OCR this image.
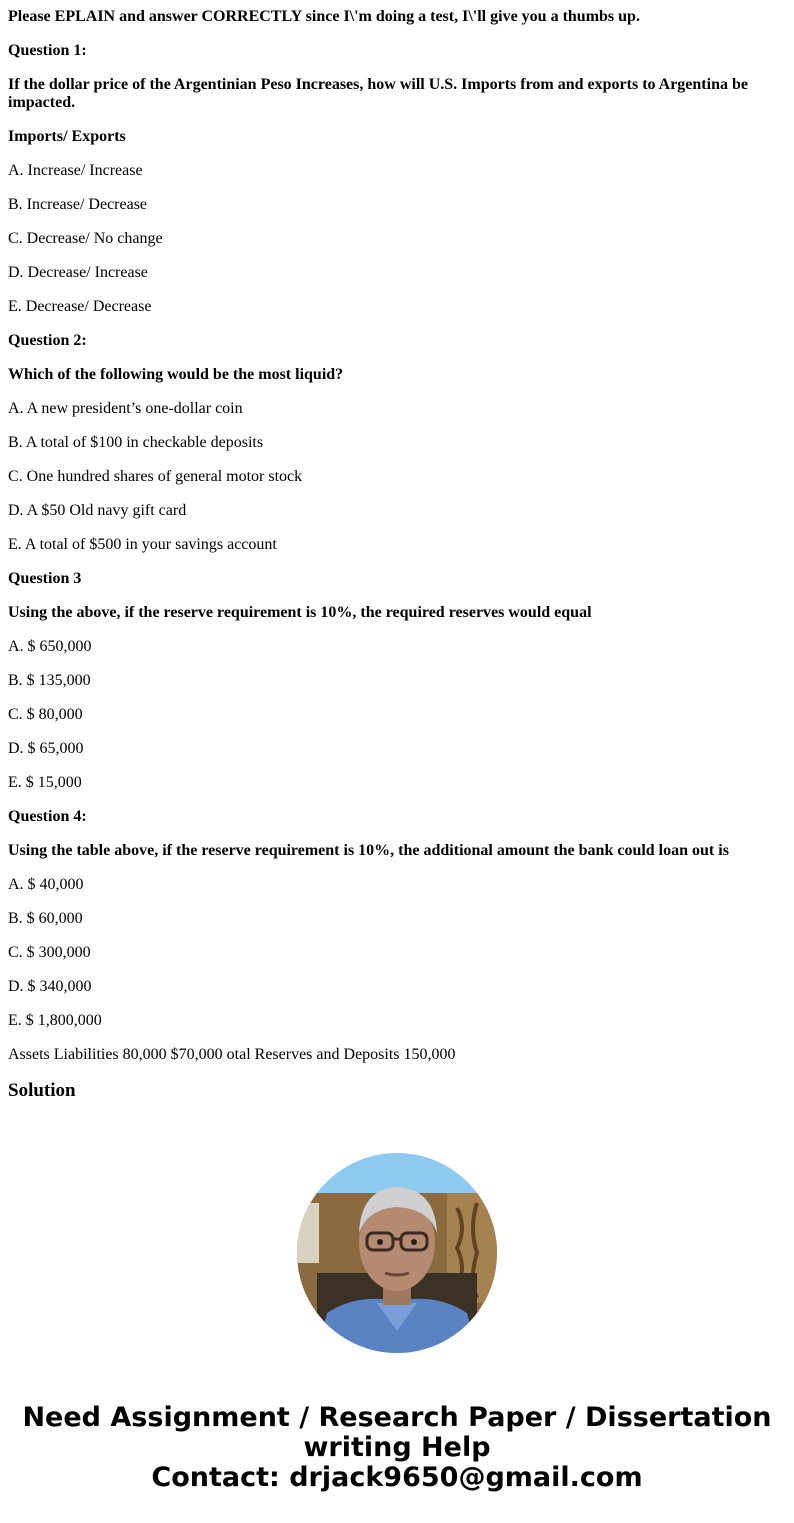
Please EPLAIN and answer CORRECTLY since I\'m doing a test, I\'ll give you a thumbs up.

Question 1:

If the dollar price of the Argentinian Peso Increases, how will U.S. Imports from and exports to Argentina be impacted.

Imports/ Exports

A. Increase/ Increase

B. Increase/ Decrease

C. Decrease/ No change

D. Decrease/ Increase

E. Decrease/ Decrease

Question 2:

Which of the following would be the most liquid?

A. A new president’s one-dollar coin

B. A total of $100 in checkable deposits

C. One hundred shares of general motor stock

D. A $50 Old navy gift card

E. A total of $500 in your savings account

Question 3

Using the above, if the reserve requirement is 10%, the required reserves would equal

A. $ 650,000

B. $ 135,000

C. $ 80,000

D. $ 65,000

E. $ 15,000

Question 4:

Using the table above, if the reserve requirement is 10%, the additional amount the bank could loan out is

A. $ 40,000

B. $ 60,000

C. $ 300,000

D. $ 340,000

E. $ 1,800,000

Assets Liabilities 80,000 $70,000 otal Reserves and Deposits 150,000

Solution
Need Assignment / Research Paper / Dissertation
writing Help
Contact: drjack9650@gmail.com
